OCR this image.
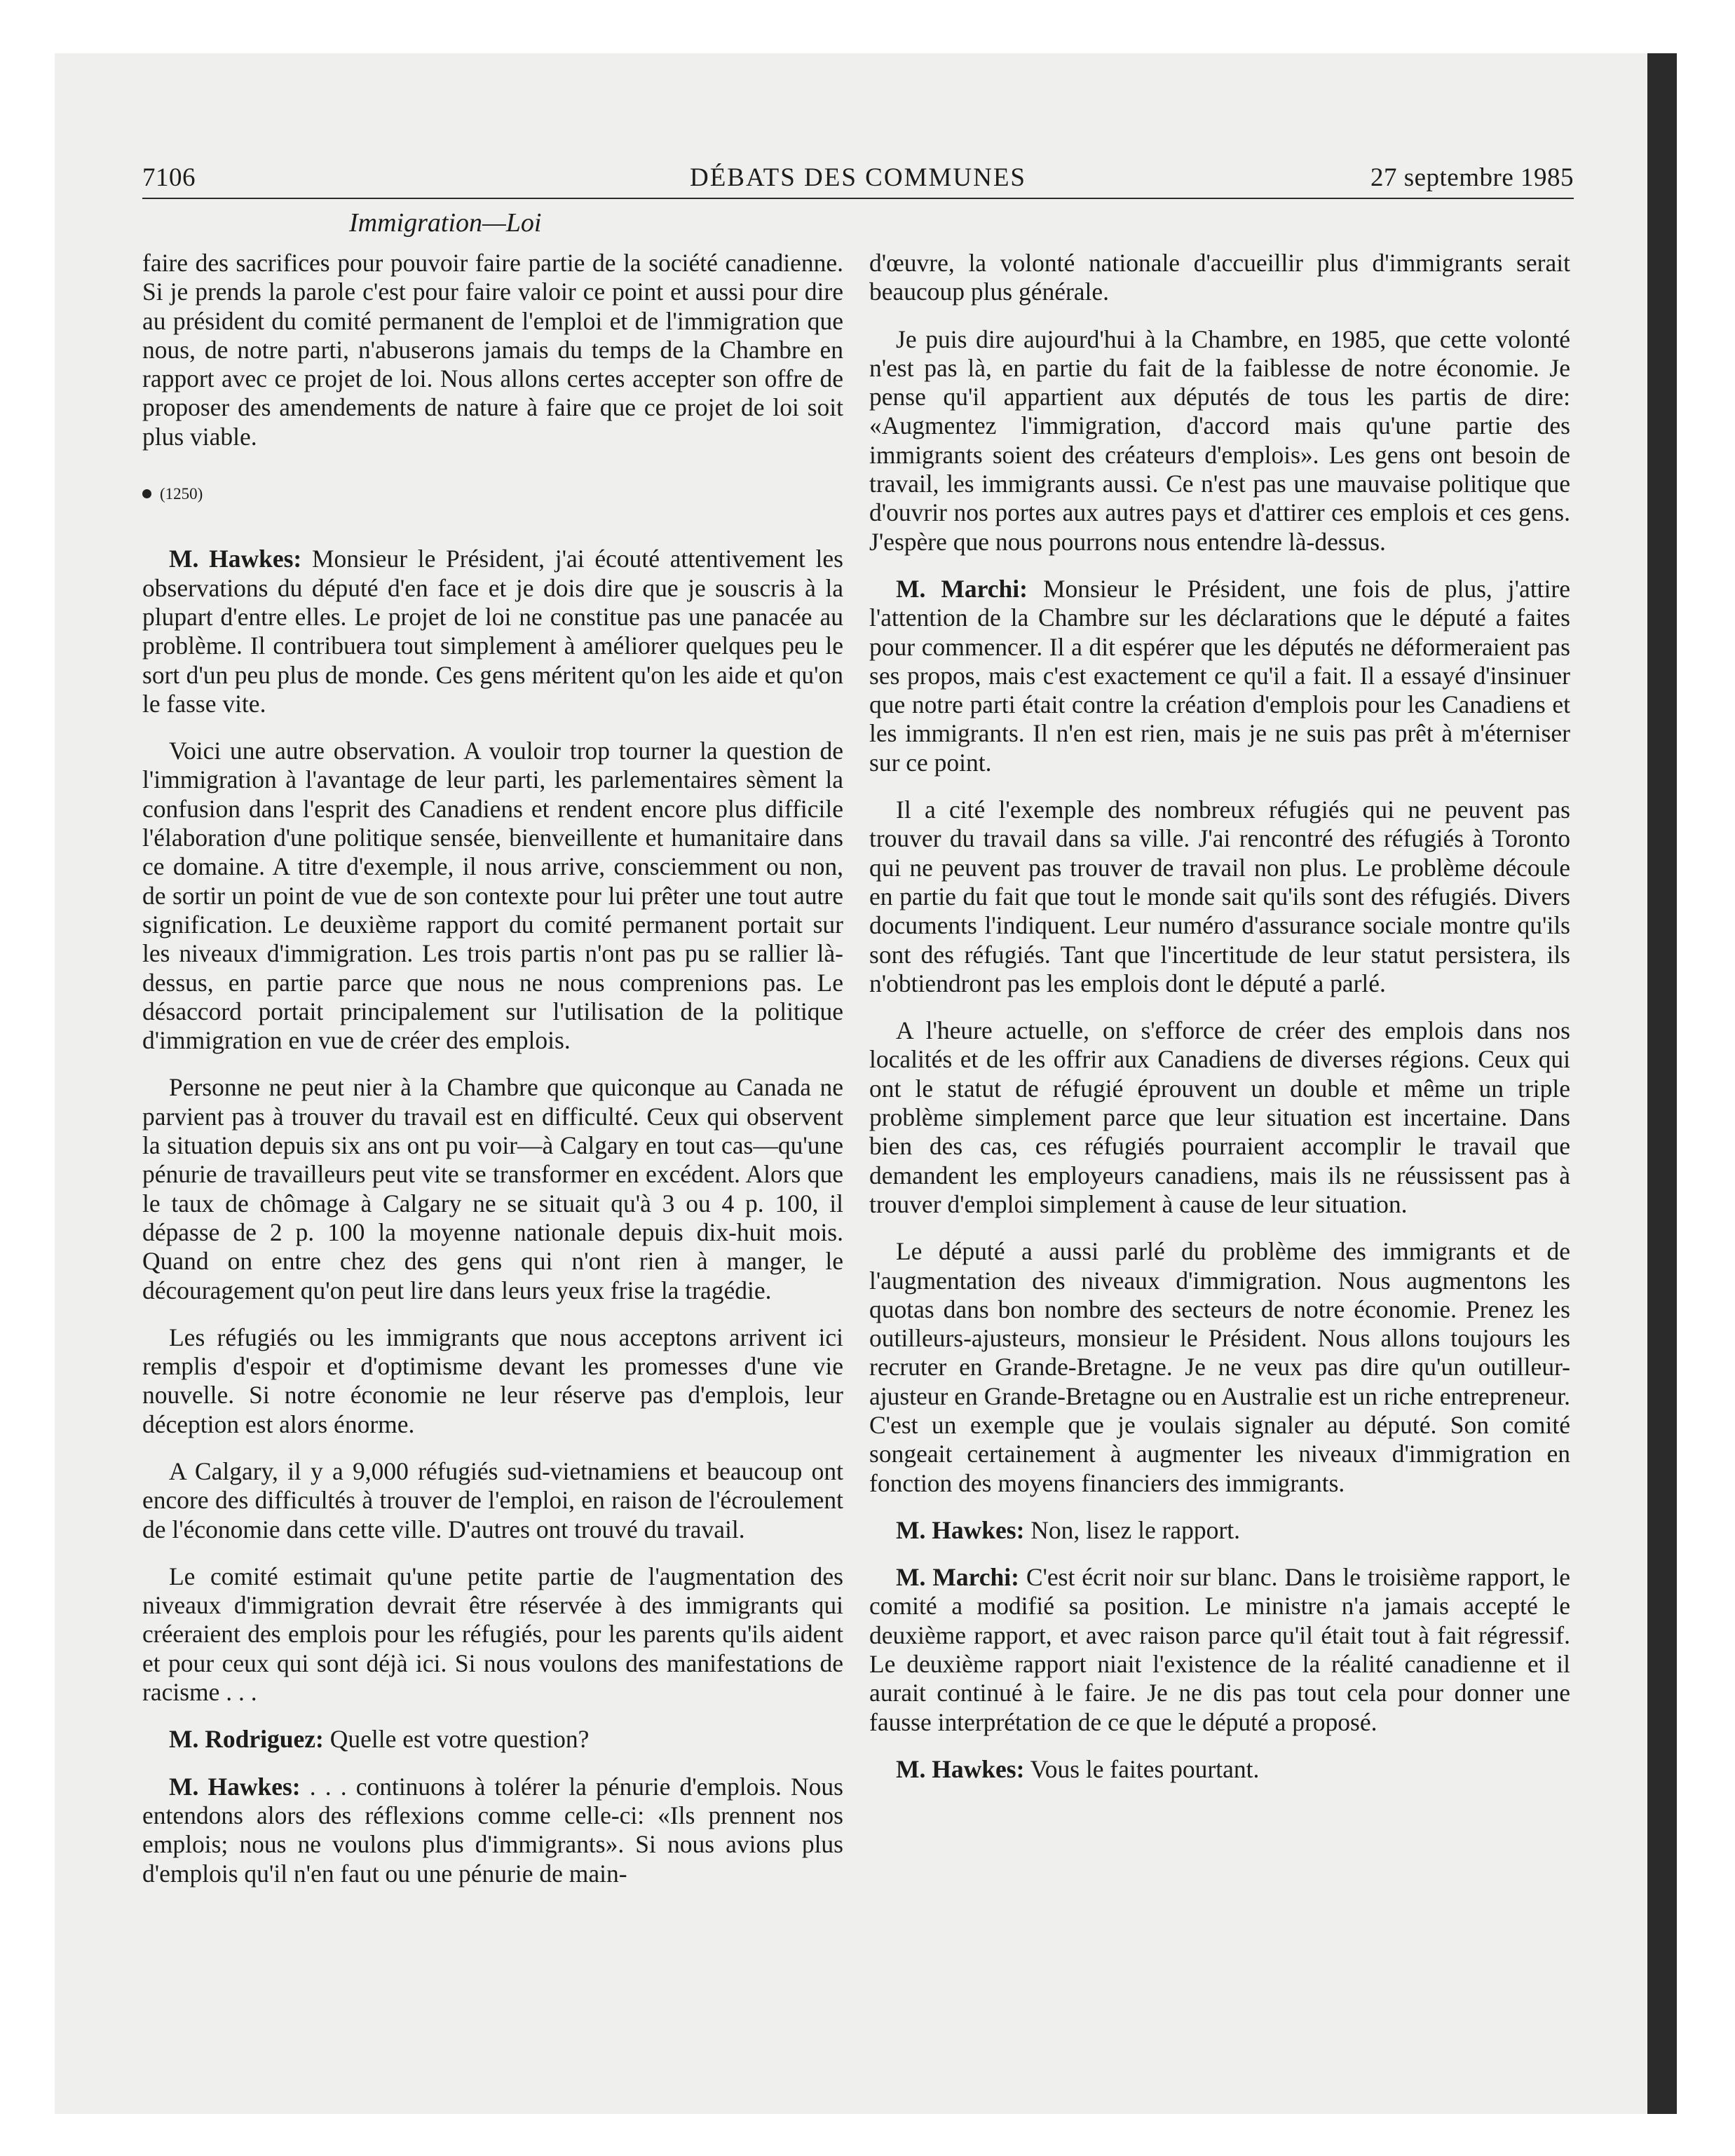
7106	DÉBATS DES COMMUNES	27 septembre 1985
Immigration—Loi

faire des sacrifices pour pouvoir faire partie de la société canadienne. Si je prends la parole c'est pour faire valoir ce point et aussi pour dire au président du comité permanent de l'emploi et de l'immigration que nous, de notre parti, n'abuserons jamais du temps de la Chambre en rapport avec ce projet de loi. Nous allons certes accepter son offre de proposer des amendements de nature à faire que ce projet de loi soit plus viable.

(1250)

M. Hawkes: Monsieur le Président, j'ai écouté attentivement les observations du député d'en face et je dois dire que je souscris à la plupart d'entre elles. Le projet de loi ne constitue pas une panacée au problème. Il contribuera tout simplement à améliorer quelques peu le sort d'un peu plus de monde. Ces gens méritent qu'on les aide et qu'on le fasse vite.

Voici une autre observation. A vouloir trop tourner la question de l'immigration à l'avantage de leur parti, les parlementaires sèment la confusion dans l'esprit des Canadiens et rendent encore plus difficile l'élaboration d'une politique sensée, bienveillente et humanitaire dans ce domaine. A titre d'exemple, il nous arrive, consciemment ou non, de sortir un point de vue de son contexte pour lui prêter une tout autre signification. Le deuxième rapport du comité permanent portait sur les niveaux d'immigration. Les trois partis n'ont pas pu se rallier là-dessus, en partie parce que nous ne nous comprenions pas. Le désaccord portait principalement sur l'utilisation de la politique d'immigration en vue de créer des emplois.

Personne ne peut nier à la Chambre que quiconque au Canada ne parvient pas à trouver du travail est en difficulté. Ceux qui observent la situation depuis six ans ont pu voir—à Calgary en tout cas—qu'une pénurie de travailleurs peut vite se transformer en excédent. Alors que le taux de chômage à Calgary ne se situait qu'à 3 ou 4 p. 100, il dépasse de 2 p. 100 la moyenne nationale depuis dix-huit mois. Quand on entre chez des gens qui n'ont rien à manger, le découragement qu'on peut lire dans leurs yeux frise la tragédie.

Les réfugiés ou les immigrants que nous acceptons arrivent ici remplis d'espoir et d'optimisme devant les promesses d'une vie nouvelle. Si notre économie ne leur réserve pas d'emplois, leur déception est alors énorme.

A Calgary, il y a 9,000 réfugiés sud-vietnamiens et beaucoup ont encore des difficultés à trouver de l'emploi, en raison de l'écroulement de l'économie dans cette ville. D'autres ont trouvé du travail.

Le comité estimait qu'une petite partie de l'augmentation des niveaux d'immigration devrait être réservée à des immigrants qui créeraient des emplois pour les réfugiés, pour les parents qu'ils aident et pour ceux qui sont déjà ici. Si nous voulons des manifestations de racisme . . .

M. Rodriguez: Quelle est votre question?

M. Hawkes: . . . continuons à tolérer la pénurie d'emplois. Nous entendons alors des réflexions comme celle-ci: «Ils prennent nos emplois; nous ne voulons plus d'immigrants». Si nous avions plus d'emplois qu'il n'en faut ou une pénurie de main-

d'œuvre, la volonté nationale d'accueillir plus d'immigrants serait beaucoup plus générale.

Je puis dire aujourd'hui à la Chambre, en 1985, que cette volonté n'est pas là, en partie du fait de la faiblesse de notre économie. Je pense qu'il appartient aux députés de tous les partis de dire: «Augmentez l'immigration, d'accord mais qu'une partie des immigrants soient des créateurs d'emplois». Les gens ont besoin de travail, les immigrants aussi. Ce n'est pas une mauvaise politique que d'ouvrir nos portes aux autres pays et d'attirer ces emplois et ces gens. J'espère que nous pourrons nous entendre là-dessus.

M. Marchi: Monsieur le Président, une fois de plus, j'attire l'attention de la Chambre sur les déclarations que le député a faites pour commencer. Il a dit espérer que les députés ne déformeraient pas ses propos, mais c'est exactement ce qu'il a fait. Il a essayé d'insinuer que notre parti était contre la création d'emplois pour les Canadiens et les immigrants. Il n'en est rien, mais je ne suis pas prêt à m'éterniser sur ce point.

Il a cité l'exemple des nombreux réfugiés qui ne peuvent pas trouver du travail dans sa ville. J'ai rencontré des réfugiés à Toronto qui ne peuvent pas trouver de travail non plus. Le problème découle en partie du fait que tout le monde sait qu'ils sont des réfugiés. Divers documents l'indiquent. Leur numéro d'assurance sociale montre qu'ils sont des réfugiés. Tant que l'incertitude de leur statut persistera, ils n'obtiendront pas les emplois dont le député a parlé.

A l'heure actuelle, on s'efforce de créer des emplois dans nos localités et de les offrir aux Canadiens de diverses régions. Ceux qui ont le statut de réfugié éprouvent un double et même un triple problème simplement parce que leur situation est incertaine. Dans bien des cas, ces réfugiés pourraient accomplir le travail que demandent les employeurs canadiens, mais ils ne réussissent pas à trouver d'emploi simplement à cause de leur situation.

Le député a aussi parlé du problème des immigrants et de l'augmentation des niveaux d'immigration. Nous augmentons les quotas dans bon nombre des secteurs de notre économie. Prenez les outilleurs-ajusteurs, monsieur le Président. Nous allons toujours les recruter en Grande-Bretagne. Je ne veux pas dire qu'un outilleur-ajusteur en Grande-Bretagne ou en Australie est un riche entrepreneur. C'est un exemple que je voulais signaler au député. Son comité songeait certainement à augmenter les niveaux d'immigration en fonction des moyens financiers des immigrants.

M. Hawkes: Non, lisez le rapport.

M. Marchi: C'est écrit noir sur blanc. Dans le troisième rapport, le comité a modifié sa position. Le ministre n'a jamais accepté le deuxième rapport, et avec raison parce qu'il était tout à fait régressif. Le deuxième rapport niait l'existence de la réalité canadienne et il aurait continué à le faire. Je ne dis pas tout cela pour donner une fausse interprétation de ce que le député a proposé.

M. Hawkes: Vous le faites pourtant.
